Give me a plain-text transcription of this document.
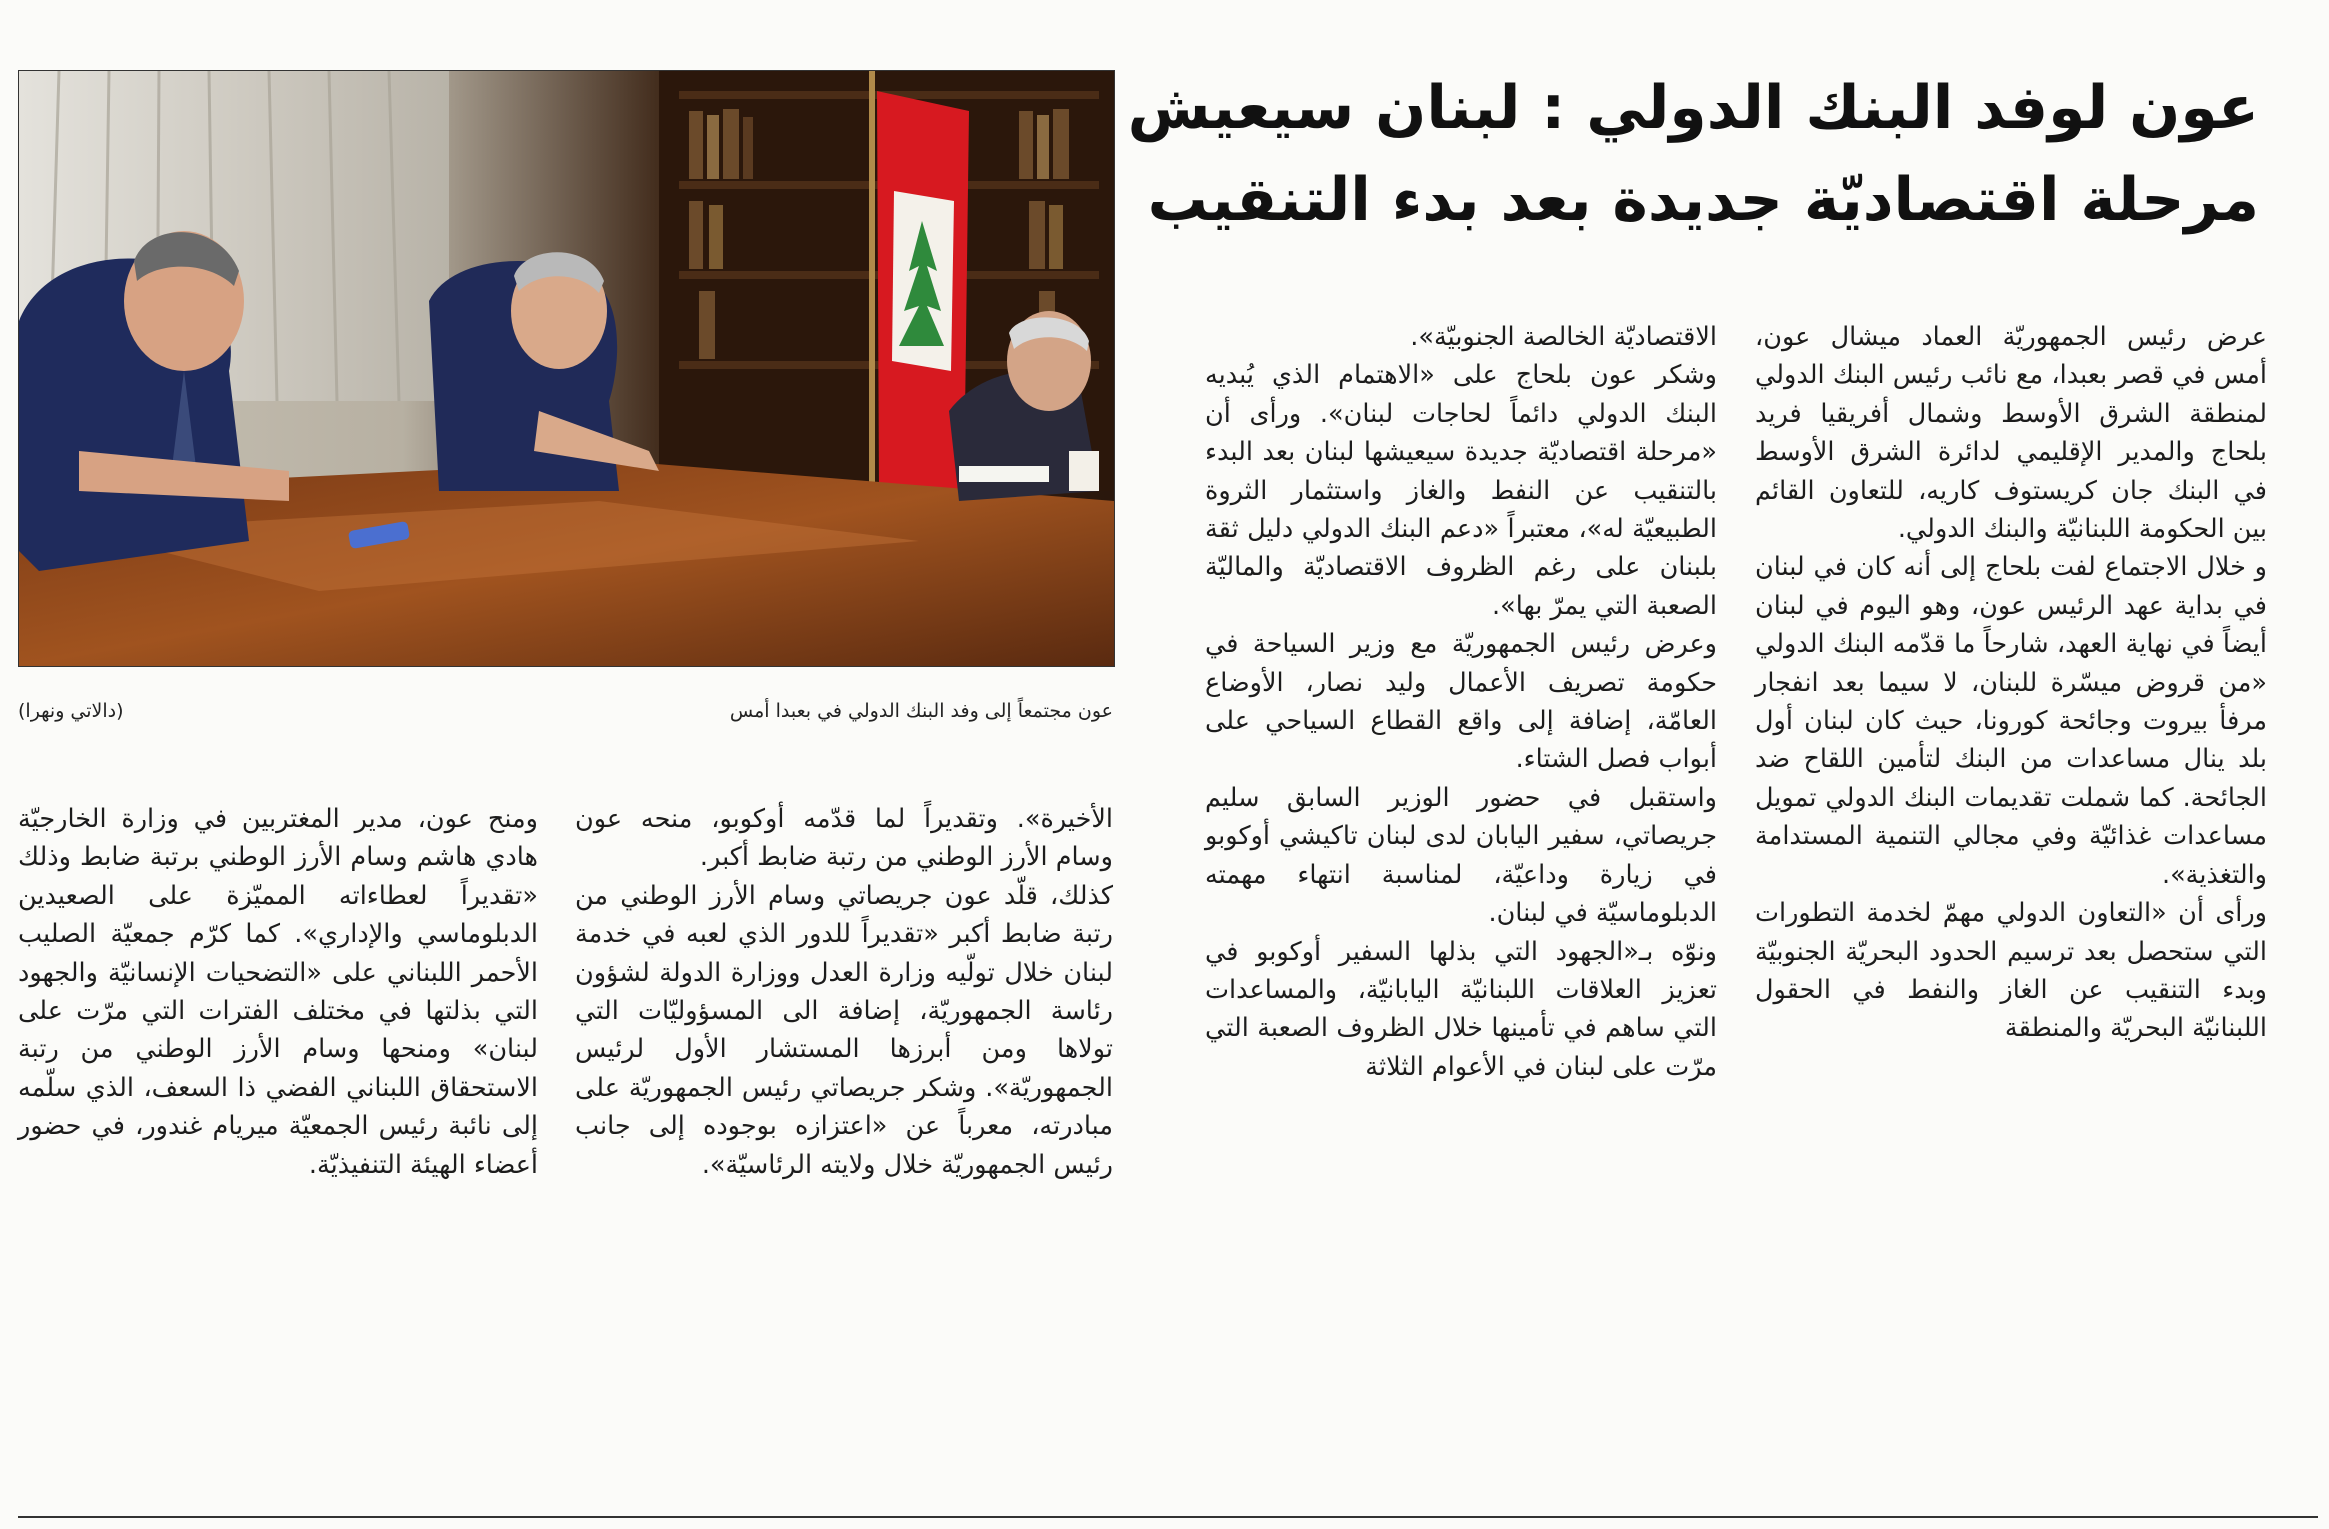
عون لوفد البنك الدولي : لبنان سيعيش
مرحلة اقتصاديّة جديدة بعد بدء التنقيب
عون مجتمعاً إلى وفد البنك الدولي في بعبدا أمس
(دالاتي ونهرا)

عرض رئيس الجمهوريّة العماد ميشال عون، أمس في قصر بعبدا، مع نائب رئيس البنك الدولي لمنطقة الشرق الأوسط وشمال أفريقيا فريد بلحاج والمدير الإقليمي لدائرة الشرق الأوسط في البنك جان كريستوف كاريه، للتعاون القائم بين الحكومة اللبنانيّة والبنك الدولي.

و خلال الاجتماع لفت بلحاج إلى أنه كان في لبنان في بداية عهد الرئيس عون، وهو اليوم في لبنان أيضاً في نهاية العهد، شارحاً ما قدّمه البنك الدولي «من قروض ميسّرة للبنان، لا سيما بعد انفجار مرفأ بيروت وجائحة كورونا، حيث كان لبنان أول بلد ينال مساعدات من البنك لتأمين اللقاح ضد الجائحة. كما شملت تقديمات البنك الدولي تمويل مساعدات غذائيّة وفي مجالي التنمية المستدامة والتغذية».

ورأى أن «التعاون الدولي مهمّ لخدمة التطورات التي ستحصل بعد ترسيم الحدود البحريّة الجنوبيّة وبدء التنقيب عن الغاز والنفط في الحقول اللبنانيّة البحريّة والمنطقة

الاقتصاديّة الخالصة الجنوبيّة».

وشكر عون بلحاج على «الاهتمام الذي يُبديه البنك الدولي دائماً لحاجات لبنان». ورأى أن «مرحلة اقتصاديّة جديدة سيعيشها لبنان بعد البدء بالتنقيب عن النفط والغاز واستثمار الثروة الطبيعيّة له»، معتبراً «دعم البنك الدولي دليل ثقة بلبنان على رغم الظروف الاقتصاديّة والماليّة الصعبة التي يمرّ بها».

وعرض رئيس الجمهوريّة مع وزير السياحة في حكومة تصريف الأعمال وليد نصار، الأوضاع العامّة، إضافة إلى واقع القطاع السياحي على أبواب فصل الشتاء.

واستقبل في حضور الوزير السابق سليم جريصاتي، سفير اليابان لدى لبنان تاكيشي أوكوبو في زيارة وداعيّة، لمناسبة انتهاء مهمته الدبلوماسيّة في لبنان.

ونوّه بـ«الجهود التي بذلها السفير أوكوبو في تعزيز العلاقات اللبنانيّة اليابانيّة، والمساعدات التي ساهم في تأمينها خلال الظروف الصعبة التي مرّت على لبنان في الأعوام الثلاثة

الأخيرة». وتقديراً لما قدّمه أوكوبو، منحه عون وسام الأرز الوطني من رتبة ضابط أكبر.

كذلك، قلّد عون جريصاتي وسام الأرز الوطني من رتبة ضابط أكبر «تقديراً للدور الذي لعبه في خدمة لبنان خلال تولّيه وزارة العدل ووزارة الدولة لشؤون رئاسة الجمهوريّة، إضافة الى المسؤوليّات التي تولاها ومن أبرزها المستشار الأول لرئيس الجمهوريّة». وشكر جريصاتي رئيس الجمهوريّة على مبادرته، معرباً عن «اعتزازه بوجوده إلى جانب رئيس الجمهوريّة خلال ولايته الرئاسيّة».

ومنح عون، مدير المغتربين في وزارة الخارجيّة هادي هاشم وسام الأرز الوطني برتبة ضابط وذلك «تقديراً لعطاءاته المميّزة على الصعيدين الدبلوماسي والإداري». كما كرّم جمعيّة الصليب الأحمر اللبناني على «التضحيات الإنسانيّة والجهود التي بذلتها في مختلف الفترات التي مرّت على لبنان» ومنحها وسام الأرز الوطني من رتبة الاستحقاق اللبناني الفضي ذا السعف، الذي سلّمه إلى نائبة رئيس الجمعيّة ميريام غندور، في حضور أعضاء الهيئة التنفيذيّة.
